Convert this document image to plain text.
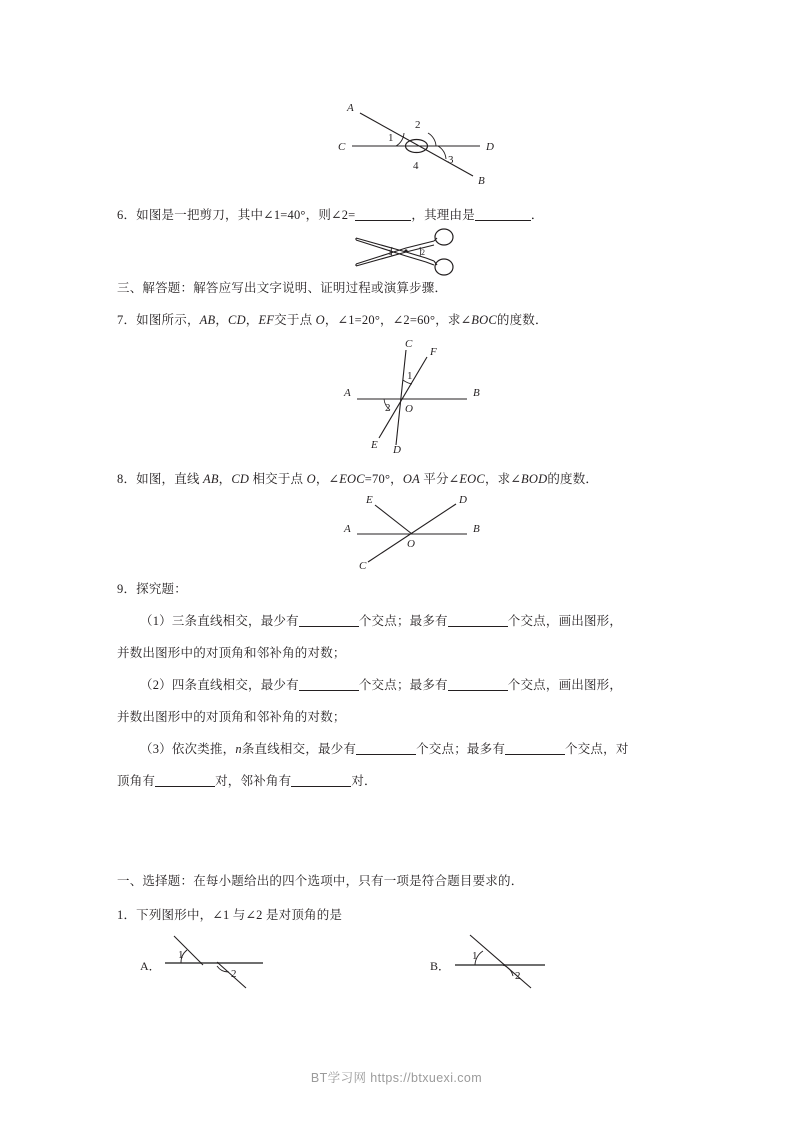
A
C	D
B
1
2
3
4
6．如图是一把剪刀，其中∠1=40°，则∠2=	，其理由是	．
1	2
三、解答题：解答应写出文字说明、证明过程或演算步骤．
7．如图所示，AB，CD，EF交于点 O，∠1=20°，∠2=60°，求∠BOC的度数．
C
F
A	B
O
E D
1
2
8．如图，直线 AB，CD 相交于点 O，∠EOC=70°，OA 平分∠EOC，求∠BOD的度数．
E	D
A	B
O
C
9．探究题：
（1）三条直线相交，最少有	个交点；最多有	个交点，画出图形，
并数出图形中的对顶角和邻补角的对数；
（2）四条直线相交，最少有	个交点；最多有	个交点，画出图形，
并数出图形中的对顶角和邻补角的对数；
（3）依次类推，n条直线相交，最少有	个交点；最多有	个交点，对
顶角有	对，邻补角有	对．
一、选择题：在每小题给出的四个选项中，只有一项是符合题目要求的．
1．下列图形中，∠1 与∠2 是对顶角的是
A．
1
2
B．
1
2
BT学习网 https://btxuexi.com
